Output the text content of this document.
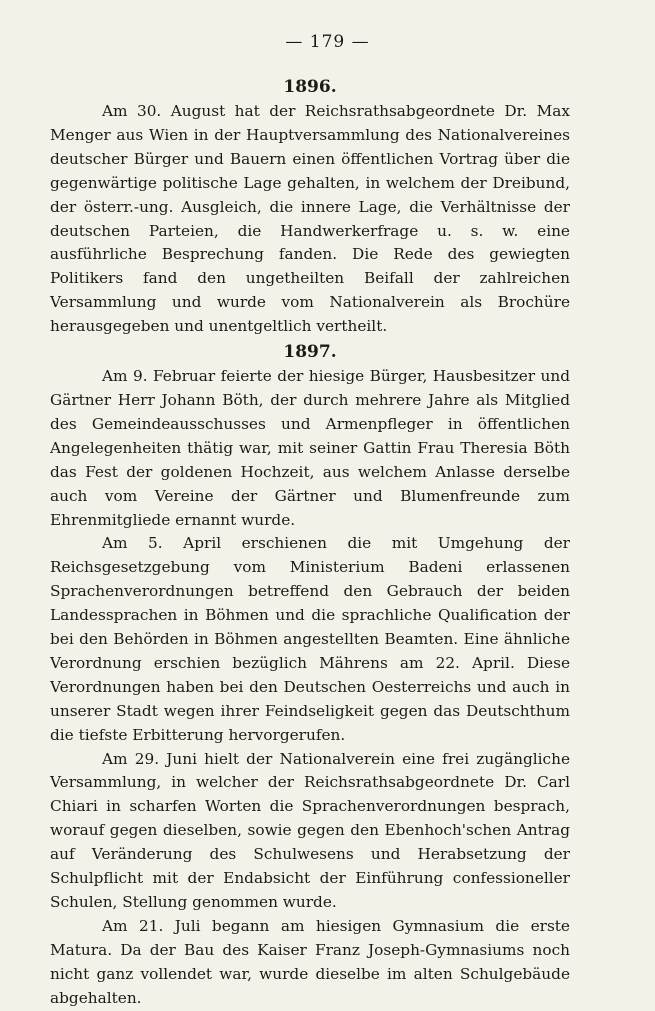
— 179 —
1896.

Am 30. August hat der Reichsrathsabgeordnete Dr. Max Menger aus Wien in der Hauptversammlung des Nationalvereines deutscher Bürger und Bauern einen öffentlichen Vortrag über die gegenwärtige politische Lage gehalten, in welchem der Dreibund, der österr.-ung. Ausgleich, die innere Lage, die Verhältnisse der deutschen Parteien, die Handwerkerfrage u. s. w. eine ausführliche Besprechung fanden. Die Rede des gewiegten Politikers fand den ungetheilten Beifall der zahlreichen Versammlung und wurde vom Nationalverein als Brochüre herausgegeben und unentgeltlich vertheilt.

1897.

Am 9. Februar feierte der hiesige Bürger, Hausbesitzer und Gärtner Herr Johann Böth, der durch mehrere Jahre als Mitglied des Gemeindeausschusses und Armenpfleger in öffentlichen Angelegenheiten thätig war, mit seiner Gattin Frau Theresia Böth das Fest der goldenen Hochzeit, aus welchem Anlasse derselbe auch vom Vereine der Gärtner und Blumenfreunde zum Ehrenmitgliede ernannt wurde.

Am 5. April erschienen die mit Umgehung der Reichsgesetzgebung vom Ministerium Badeni erlassenen Sprachenverordnungen betreffend den Gebrauch der beiden Landessprachen in Böhmen und die sprachliche Qualification der bei den Behörden in Böhmen angestellten Beamten. Eine ähnliche Verordnung erschien bezüglich Mährens am 22. April. Diese Verordnungen haben bei den Deutschen Oesterreichs und auch in unserer Stadt wegen ihrer Feindseligkeit gegen das Deutschthum die tiefste Erbitterung hervorgerufen.

Am 29. Juni hielt der Nationalverein eine frei zugängliche Versammlung, in welcher der Reichsrathsabgeordnete Dr. Carl Chiari in scharfen Worten die Sprachenverordnungen besprach, worauf gegen dieselben, sowie gegen den Ebenhoch'schen Antrag auf Veränderung des Schulwesens und Herabsetzung der Schulpflicht mit der Endabsicht der Einführung confessioneller Schulen, Stellung genommen wurde.

Am 21. Juli begann am hiesigen Gymnasium die erste Matura. Da der Bau des Kaiser Franz Joseph-Gymnasiums noch nicht ganz vollendet war, wurde dieselbe im alten Schulgebäude abgehalten.
